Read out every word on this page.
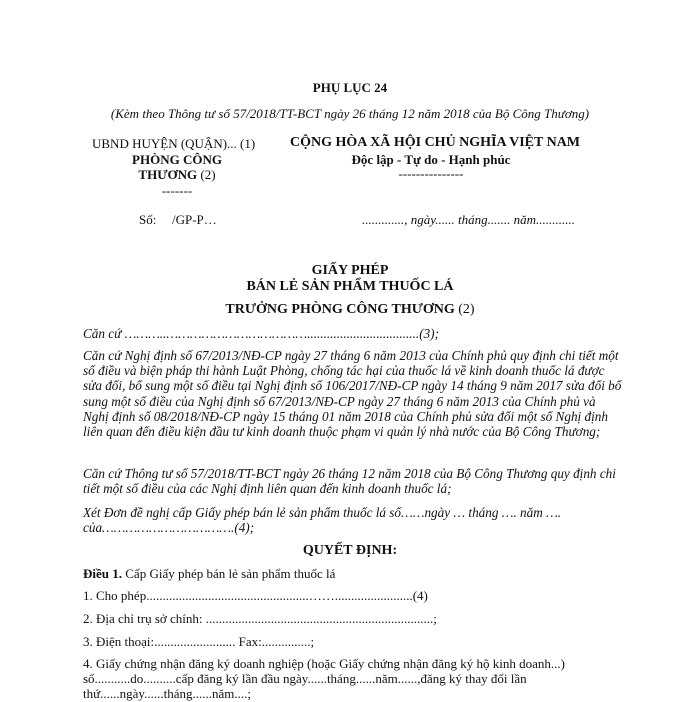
PHỤ LỤC 24
(Kèm theo Thông tư số 57/2018/TT-BCT ngày 26 tháng 12 năm 2018 của Bộ Công Thương)
UBND HUYỆN (QUẬN)... (1)
PHÒNG CÔNG
THƯƠNG (2)
-------
CỘNG HÒA XÃ HỘI CHỦ NGHĨA VIỆT NAM
Độc lập - Tự do - Hạnh phúc
---------------
Số: /GP-P…	............., ngày...... tháng....... năm............
GIẤY PHÉP
BÁN LẺ SẢN PHẨM THUỐC LÁ
TRƯỞNG PHÒNG CÔNG THƯƠNG (2)
Căn cứ ………..………………………………..................................(3);
Căn cứ Nghị định số 67/2013/NĐ-CP ngày 27 tháng 6 năm 2013 của Chính phủ quy định chi tiết một số điều và biện pháp thi hành Luật Phòng, chống tác hại của thuốc lá về kinh doanh thuốc lá được sửa đổi, bổ sung một số điều tại Nghị định số 106/2017/NĐ-CP ngày 14 tháng 9 năm 2017 sửa đổi bổ sung một số điều của Nghị định số 67/2013/NĐ-CP ngày 27 tháng 6 năm 2013 của Chính phủ và Nghị định số 08/2018/NĐ-CP ngày 15 tháng 01 năm 2018 của Chính phủ sửa đổi một số Nghị định liên quan đến điều kiện đầu tư kinh doanh thuộc phạm vi quản lý nhà nước của Bộ Công Thương;
Căn cứ Thông tư số 57/2018/TT-BCT ngày 26 tháng 12 năm 2018 của Bộ Công Thương quy định chi tiết một số điều của các Nghị định liên quan đến kinh doanh thuốc lá;
Xét Đơn đề nghị cấp Giấy phép bán lẻ sản phẩm thuốc lá số……ngày … tháng …. năm …. của…………………………….(4);
QUYẾT ĐỊNH:
Điều 1. Cấp Giấy phép bán lẻ sản phẩm thuốc lá
1. Cho phép..................................................……........................(4)
2. Địa chỉ trụ sở chính: ......................................................................;
3. Điện thoại:......................... Fax:...............;
4. Giấy chứng nhận đăng ký doanh nghiệp (hoặc Giấy chứng nhận đăng ký hộ kinh doanh...)
số...........do..........cấp đăng ký lần đầu ngày......tháng......năm......,đăng ký thay đổi lần
thứ......ngày......tháng......năm....;
